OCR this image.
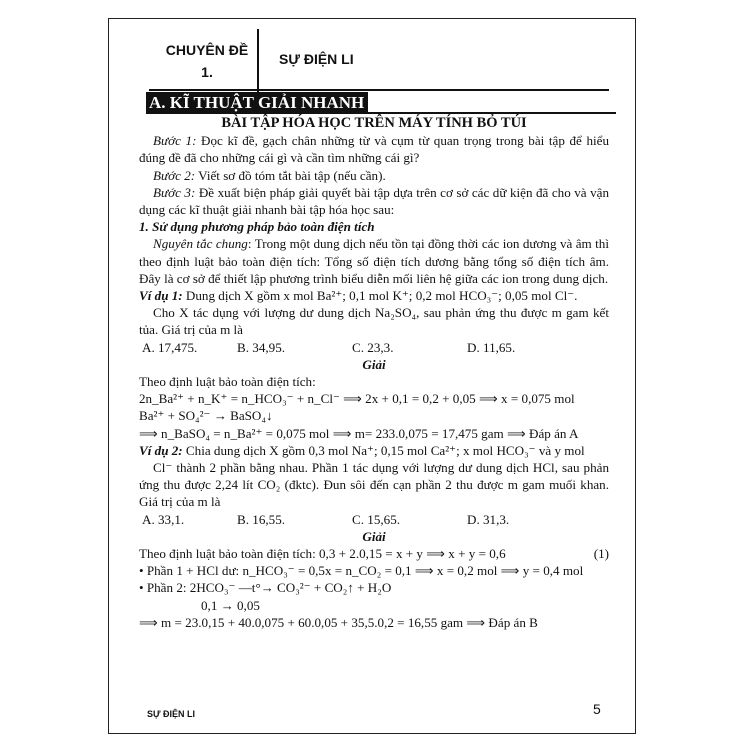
CHUYÊN ĐỀ
1.
SỰ ĐIỆN LI
A. KĨ THUẬT GIẢI NHANH

BÀI TẬP HÓA HỌC TRÊN MÁY TÍNH BỎ TÚI

Bước 1: Đọc kĩ đề, gạch chân những từ và cụm từ quan trọng trong bài tập để hiểu đúng đề đã cho những cái gì và cần tìm những cái gì?

Bước 2: Viết sơ đồ tóm tắt bài tập (nếu cần).

Bước 3: Đề xuất biện pháp giải quyết bài tập dựa trên cơ sở các dữ kiện đã cho và vận dụng các kĩ thuật giải nhanh bài tập hóa học sau:

1. Sử dụng phương pháp bảo toàn điện tích

Nguyên tắc chung: Trong một dung dịch nếu tồn tại đồng thời các ion dương và âm thì theo định luật bảo toàn điện tích: Tổng số điện tích dương bằng tổng số điện tích âm. Đây là cơ sở để thiết lập phương trình biểu diễn mối liên hệ giữa các ion trong dung dịch.

Ví dụ 1: Dung dịch X gồm x mol Ba²⁺; 0,1 mol K⁺; 0,2 mol HCO₃⁻; 0,05 mol Cl⁻.

Cho X tác dụng với lượng dư dung dịch Na₂SO₄, sau phản ứng thu được m gam kết tủa. Giá trị của m là

A. 17,475.	B. 34,95.	C. 23,3.	D. 11,65.

Giải

Theo định luật bảo toàn điện tích:

2n_Ba²⁺ + n_K⁺ = n_HCO₃⁻ + n_Cl⁻ ⟹ 2x + 0,1 = 0,2 + 0,05 ⟹ x = 0,075 mol

Ba²⁺ + SO₄²⁻ → BaSO₄↓

⟹ n_BaSO₄ = n_Ba²⁺ = 0,075 mol ⟹ m= 233.0,075 = 17,475 gam ⟹ Đáp án A

Ví dụ 2: Chia dung dịch X gồm 0,3 mol Na⁺; 0,15 mol Ca²⁺; x mol HCO₃⁻ và y mol

Cl⁻ thành 2 phần bằng nhau. Phần 1 tác dụng với lượng dư dung dịch HCl, sau phản ứng thu được 2,24 lít CO₂ (đktc). Đun sôi đến cạn phần 2 thu được m gam muối khan. Giá trị của m là

A. 33,1.	B. 16,55.	C. 15,65.	D. 31,3.

Giải

Theo định luật bảo toàn điện tích: 0,3 + 2.0,15 = x + y ⟹ x + y = 0,6	(1)

• Phần 1 + HCl dư: n_HCO₃⁻ = 0,5x = n_CO₂ = 0,1 ⟹ x = 0,2 mol ⟹ y = 0,4 mol

• Phần 2: 2HCO₃⁻ —t°→ CO₃²⁻ + CO₂↑ + H₂O

0,1 → 0,05

⟹ m = 23.0,15 + 40.0,075 + 60.0,05 + 35,5.0,2 = 16,55 gam ⟹ Đáp án B

SỰ ĐIỆN LI	5
